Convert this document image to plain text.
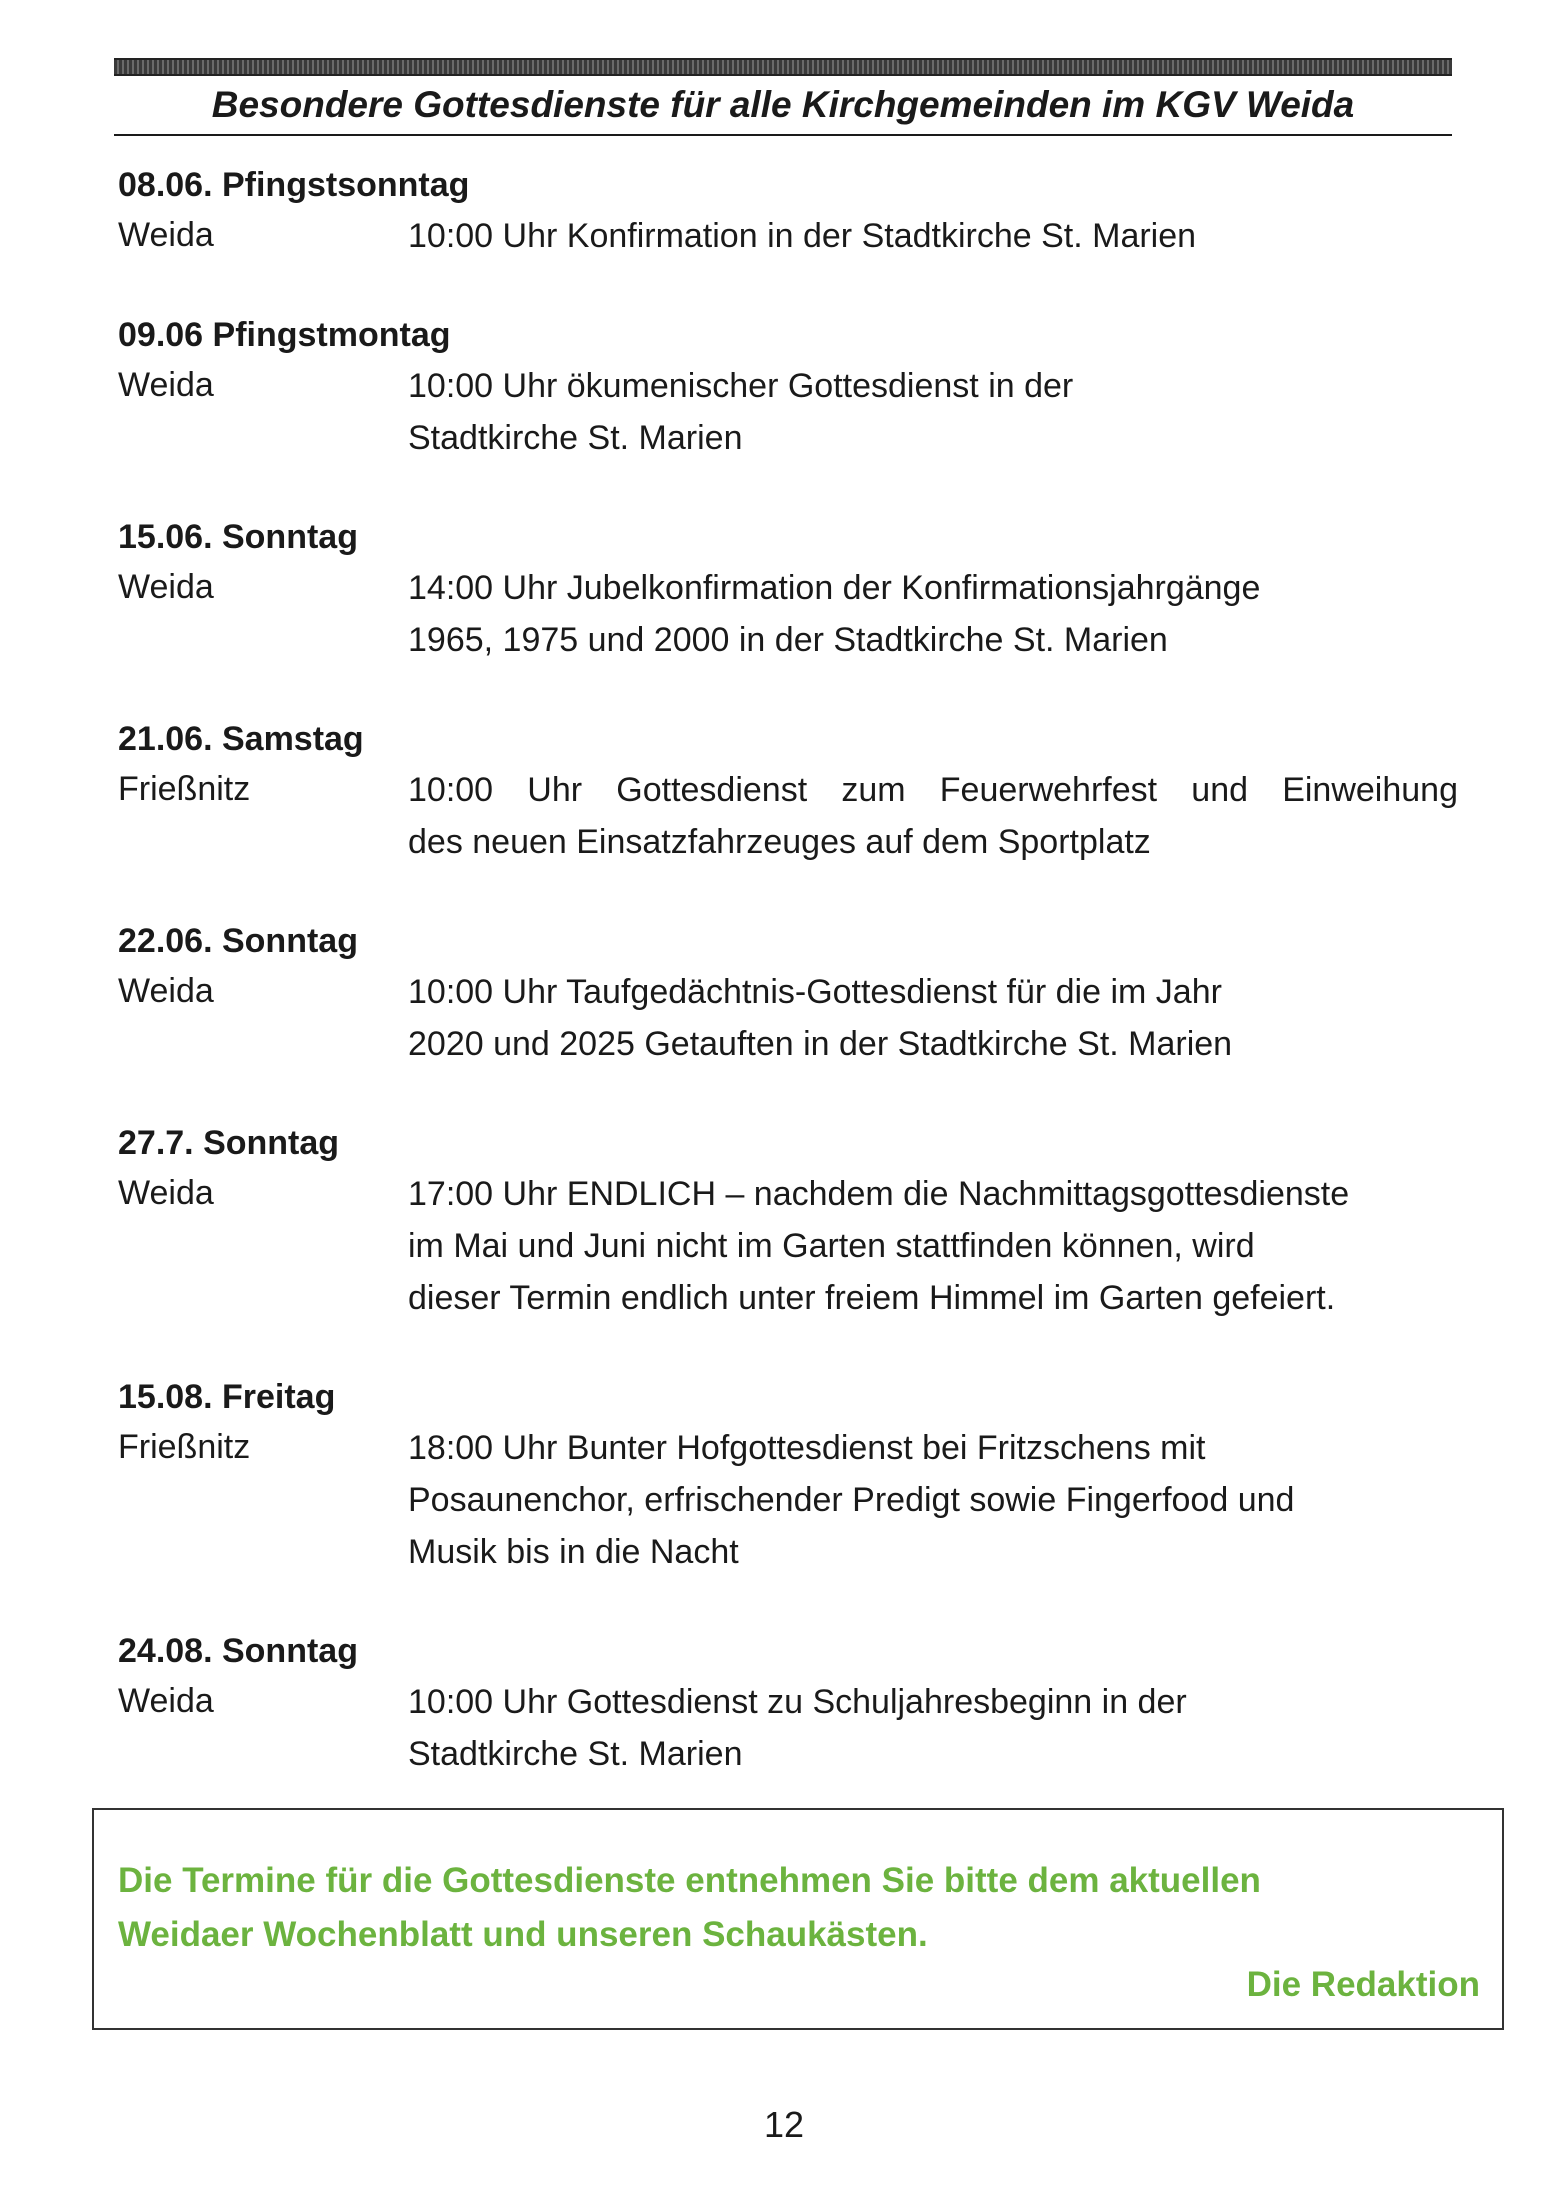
Besondere Gottesdienste für alle Kirchgemeinden im KGV Weida
08.06. Pfingstsonntag
Weida	10:00 Uhr Konfirmation in der Stadtkirche St. Marien
09.06 Pfingstmontag
Weida	10:00 Uhr ökumenischer Gottesdienst in der
Stadtkirche St. Marien
15.06. Sonntag
Weida	14:00 Uhr Jubelkonfirmation der Konfirmationsjahrgänge
1965, 1975 und 2000 in der Stadtkirche St. Marien
21.06. Samstag
Frießnitz	10:00 Uhr Gottesdienst zum Feuerwehrfest und Einweihung
des neuen Einsatzfahrzeuges auf dem Sportplatz
22.06. Sonntag
Weida	10:00 Uhr Taufgedächtnis-Gottesdienst für die im Jahr
2020 und 2025 Getauften in der Stadtkirche St. Marien
27.7. Sonntag
Weida	17:00 Uhr ENDLICH – nachdem die Nachmittagsgottesdienste
im Mai und Juni nicht im Garten stattfinden können, wird
dieser Termin endlich unter freiem Himmel im Garten gefeiert.
15.08. Freitag
Frießnitz	18:00 Uhr Bunter Hofgottesdienst bei Fritzschens mit
Posaunenchor, erfrischender Predigt sowie Fingerfood und
Musik bis in die Nacht
24.08. Sonntag
Weida	10:00 Uhr Gottesdienst zu Schuljahresbeginn in der
Stadtkirche St. Marien
Die Termine für die Gottesdienste entnehmen Sie bitte dem aktuellen
Weidaer Wochenblatt und unseren Schaukästen.
Die Redaktion
12
